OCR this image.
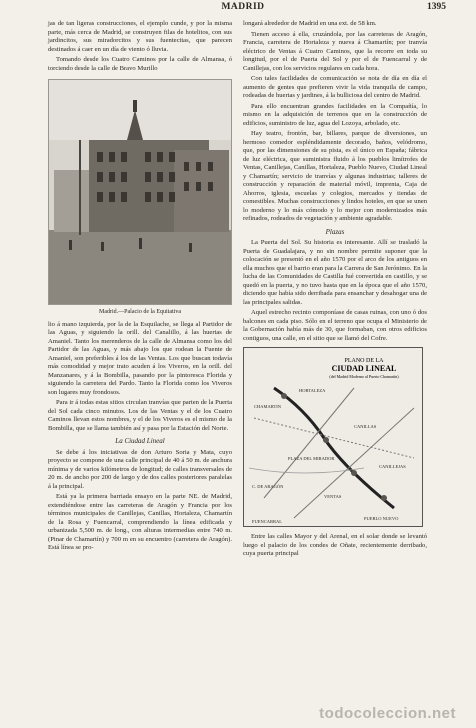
MADRID	1395

jas de tan ligeras construcciones, el ejemplo cunde, y por la misma parte, más cerca de Madrid, se construyen filas de hotelitos, con sus jardincitos, sus miradorcitos y sus fuentecitas, que parecen destinados á caer en un día de viento ó lluvia.

Tomando desde los Cuatro Caminos por la calle de Almansa, ó torciendo desde la calle de Bravo Murillo

Madrid.—Palacio de la Equitativa

lio á mano izquierda, por la de la Esquilache, se llega al Partidor de las Aguas, y siguiendo la orill. del Canalillo, á las huertas de Amaniel. Tanto los merenderos de la calle de Almansa como los del Partidor de las Aguas, y más abajo los que rodean la Fuente de Amaniel, son preferibles á los de las Ventas. Los que buscan todavía más comodidad y mejor trato acuden á los Viveros, en la orill. del Manzanares, y á la Bombilla, pasando por la pintoresca Florida y siguiendo la carretera del Pardo. Tanto la Florida como los Viveros son lugares muy frondosos.

Para ir á todas estas sitios circulan tranvías que parten de la Puerta del Sol cada cinco minutos. Los de las Ventas y el de los Cuatro Caminos llevan estos nombres, y el de los Viveros es el mismo de la Bombilla, que se llama también así y pasa por la Estación del Norte.

La Ciudad Lineal

Se debe á los iniciativas de don Arturo Soria y Mata, cuyo proyecto se compone de una calle principal de 40 á 50 m. de anchura mínima y de varios kilómetros de longitud; de calles transversales de 20 m. de ancho por 200 de largo y de dos calles posteriores paralelas á la principal.

Está ya la primera barriada ensayo en la parte NE. de Madrid, extendiéndose entre las carreteras de Aragón y Francia por los términos municipales de Canillejas, Canillas, Hortaleza, Chamartín de la Rosa y Fuencarral, comprendiendo la línea edificada y urbanizada 5,500 m. de long., con alturas intermedias entre 740 m. (Pinar de Chamartín) y 700 m en su encuentro (carretera de Aragón). Está línea se pro-

longará alrededor de Madrid en una ext. de 58 km.

Tienen acceso á ella, cruzándola, por las carreteras de Aragón, Francia, carretera de Hortaleza y nueva á Chamartín; por tranvía eléctrico de Ventas á Cuatro Caminos, que la recorre en toda su longitud, por el de Puerta del Sol y por el de Fuencarral y de Canillejas, con los servicios regulares en cada hora.

Con tales facilidades de comunicación se nota de día en día el aumento de gentes que prefieren vivir la vida tranquila de campo, rodeadas de huertas y jardines, á la bulliciosa del centro de Madrid.

Para ello encuentran grandes facilidades en la Compañía, lo mismo en la adquisición de terrenos que en la construcción de edificios, suministro de luz, agua del Lozoya, arbolado, etc.

Hay teatro, frontón, bar, billares, parque de diversiones, un hermoso comedor espléndidamente decorado, baños, velódromo, que, por las dimensiones de su pista, es el único en España; fábrica de luz eléctrica, que suministra fluido á los pueblos limítrofes de Ventas, Canillejas, Canillas, Hortaleza, Pueblo Nuevo, Ciudad Lineal y Chamartín; servicio de tranvías y algunas industrias; talleres de construcción y reparación de material móvil, imprenta, Caja de Ahorros, iglesia, escuelas y colegios, mercados y tiendas de comestibles. Muchas construcciones y lindos hoteles, en que se unen lo moderno y lo más cómodo y lo mejor con modernizados más refinados, rodeados de vegetación y ambiente agradable.

Plazas

La Puerta del Sol. Su historia es interesante. Allí se trasladó la Puerta de Guadalajara, y no sin nombre permite suponer que la colocación se presentó en el año 1570 por el arco de los antiguos en ella muchos que el barrio eran para la Carrera de San Jerónimo. En la lucha de las Comunidades de Castilla fué convertida en castillo, y se quedó en la puerta, y no tuvo hasta que en la época que el año 1570, diciendo que había sido derribada para ensanchar y desahogar una de las principales salidas.

Aquel estrecho recinto componíase de casas ruinas, con uno ó dos balcones en cada piso. Sólo en el terreno que ocupa el Ministerio de la Gobernación había más de 30, que formaban, con otros edificios contiguos, una calle, en el sitio que se llamó del Cofre.

PLANO DE LA
CIUDAD LINEAL
(del Madrid Moderno al Puerto Chamartín)
HORTALEZA
CHAMARTIN
CANILLAS
CANILLEJAS
PLAZA DEL MIRADOR
VENTAS
PUEBLO NUEVO
C. DE ARAGÓN
FUENCARRAL

Entre las calles Mayor y del Arenal, en el solar donde se levantó luego el palacio de los condes de Oñate, recientemente derribado, cuya puerta principal

todocoleccion.net
